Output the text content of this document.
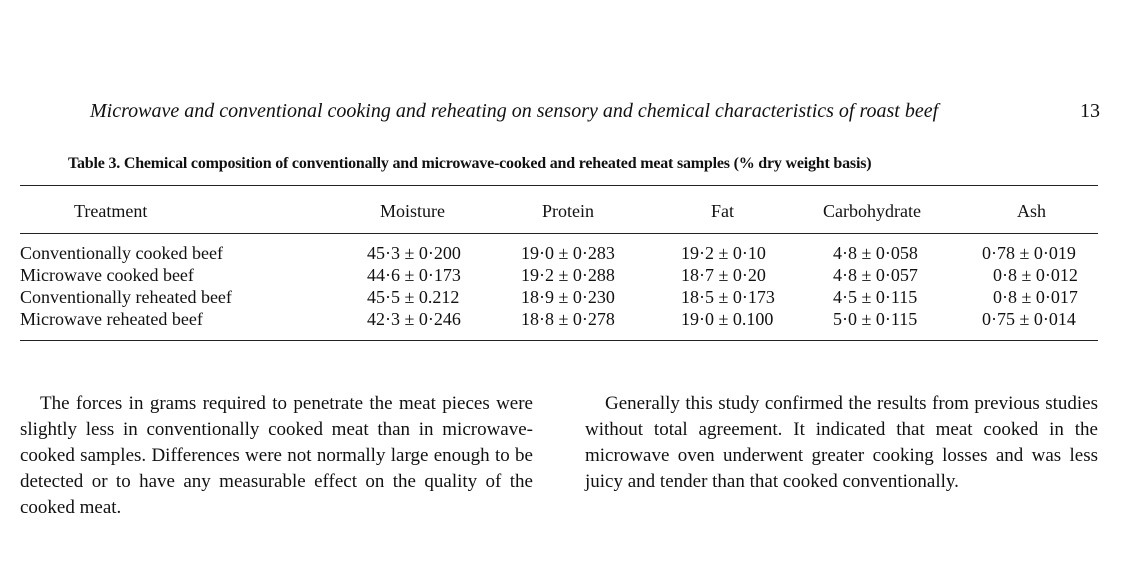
Microwave and conventional cooking and reheating on sensory and chemical characteristics of roast beef	13
Table 3. Chemical composition of conventionally and microwave-cooked and reheated meat samples (% dry weight basis)
Treatment	Moisture	Protein	Fat	Carbohydrate	Ash
Conventionally cooked beef	45·3 ± 0·200	19·0 ± 0·283	19·2 ± 0·10	4·8 ± 0·058	0·78 ± 0·019
Microwave cooked beef	44·6 ± 0·173	19·2 ± 0·288	18·7 ± 0·20	4·8 ± 0·057	0·8 ± 0·012
Conventionally reheated beef	45·5 ± 0.212	18·9 ± 0·230	18·5 ± 0·173	4·5 ± 0·115	0·8 ± 0·017
Microwave reheated beef	42·3 ± 0·246	18·8 ± 0·278	19·0 ± 0.100	5·0 ± 0·115	0·75 ± 0·014
The forces in grams required to penetrate the meat pieces were slightly less in conventionally cooked meat than in microwave-cooked samples. Differences were not normally large enough to be detected or to have any measurable effect on the quality of the cooked meat.
Generally this study confirmed the results from previous studies without total agreement. It indicated that meat cooked in the microwave oven underwent greater cooking losses and was less juicy and tender than that cooked conventionally.
